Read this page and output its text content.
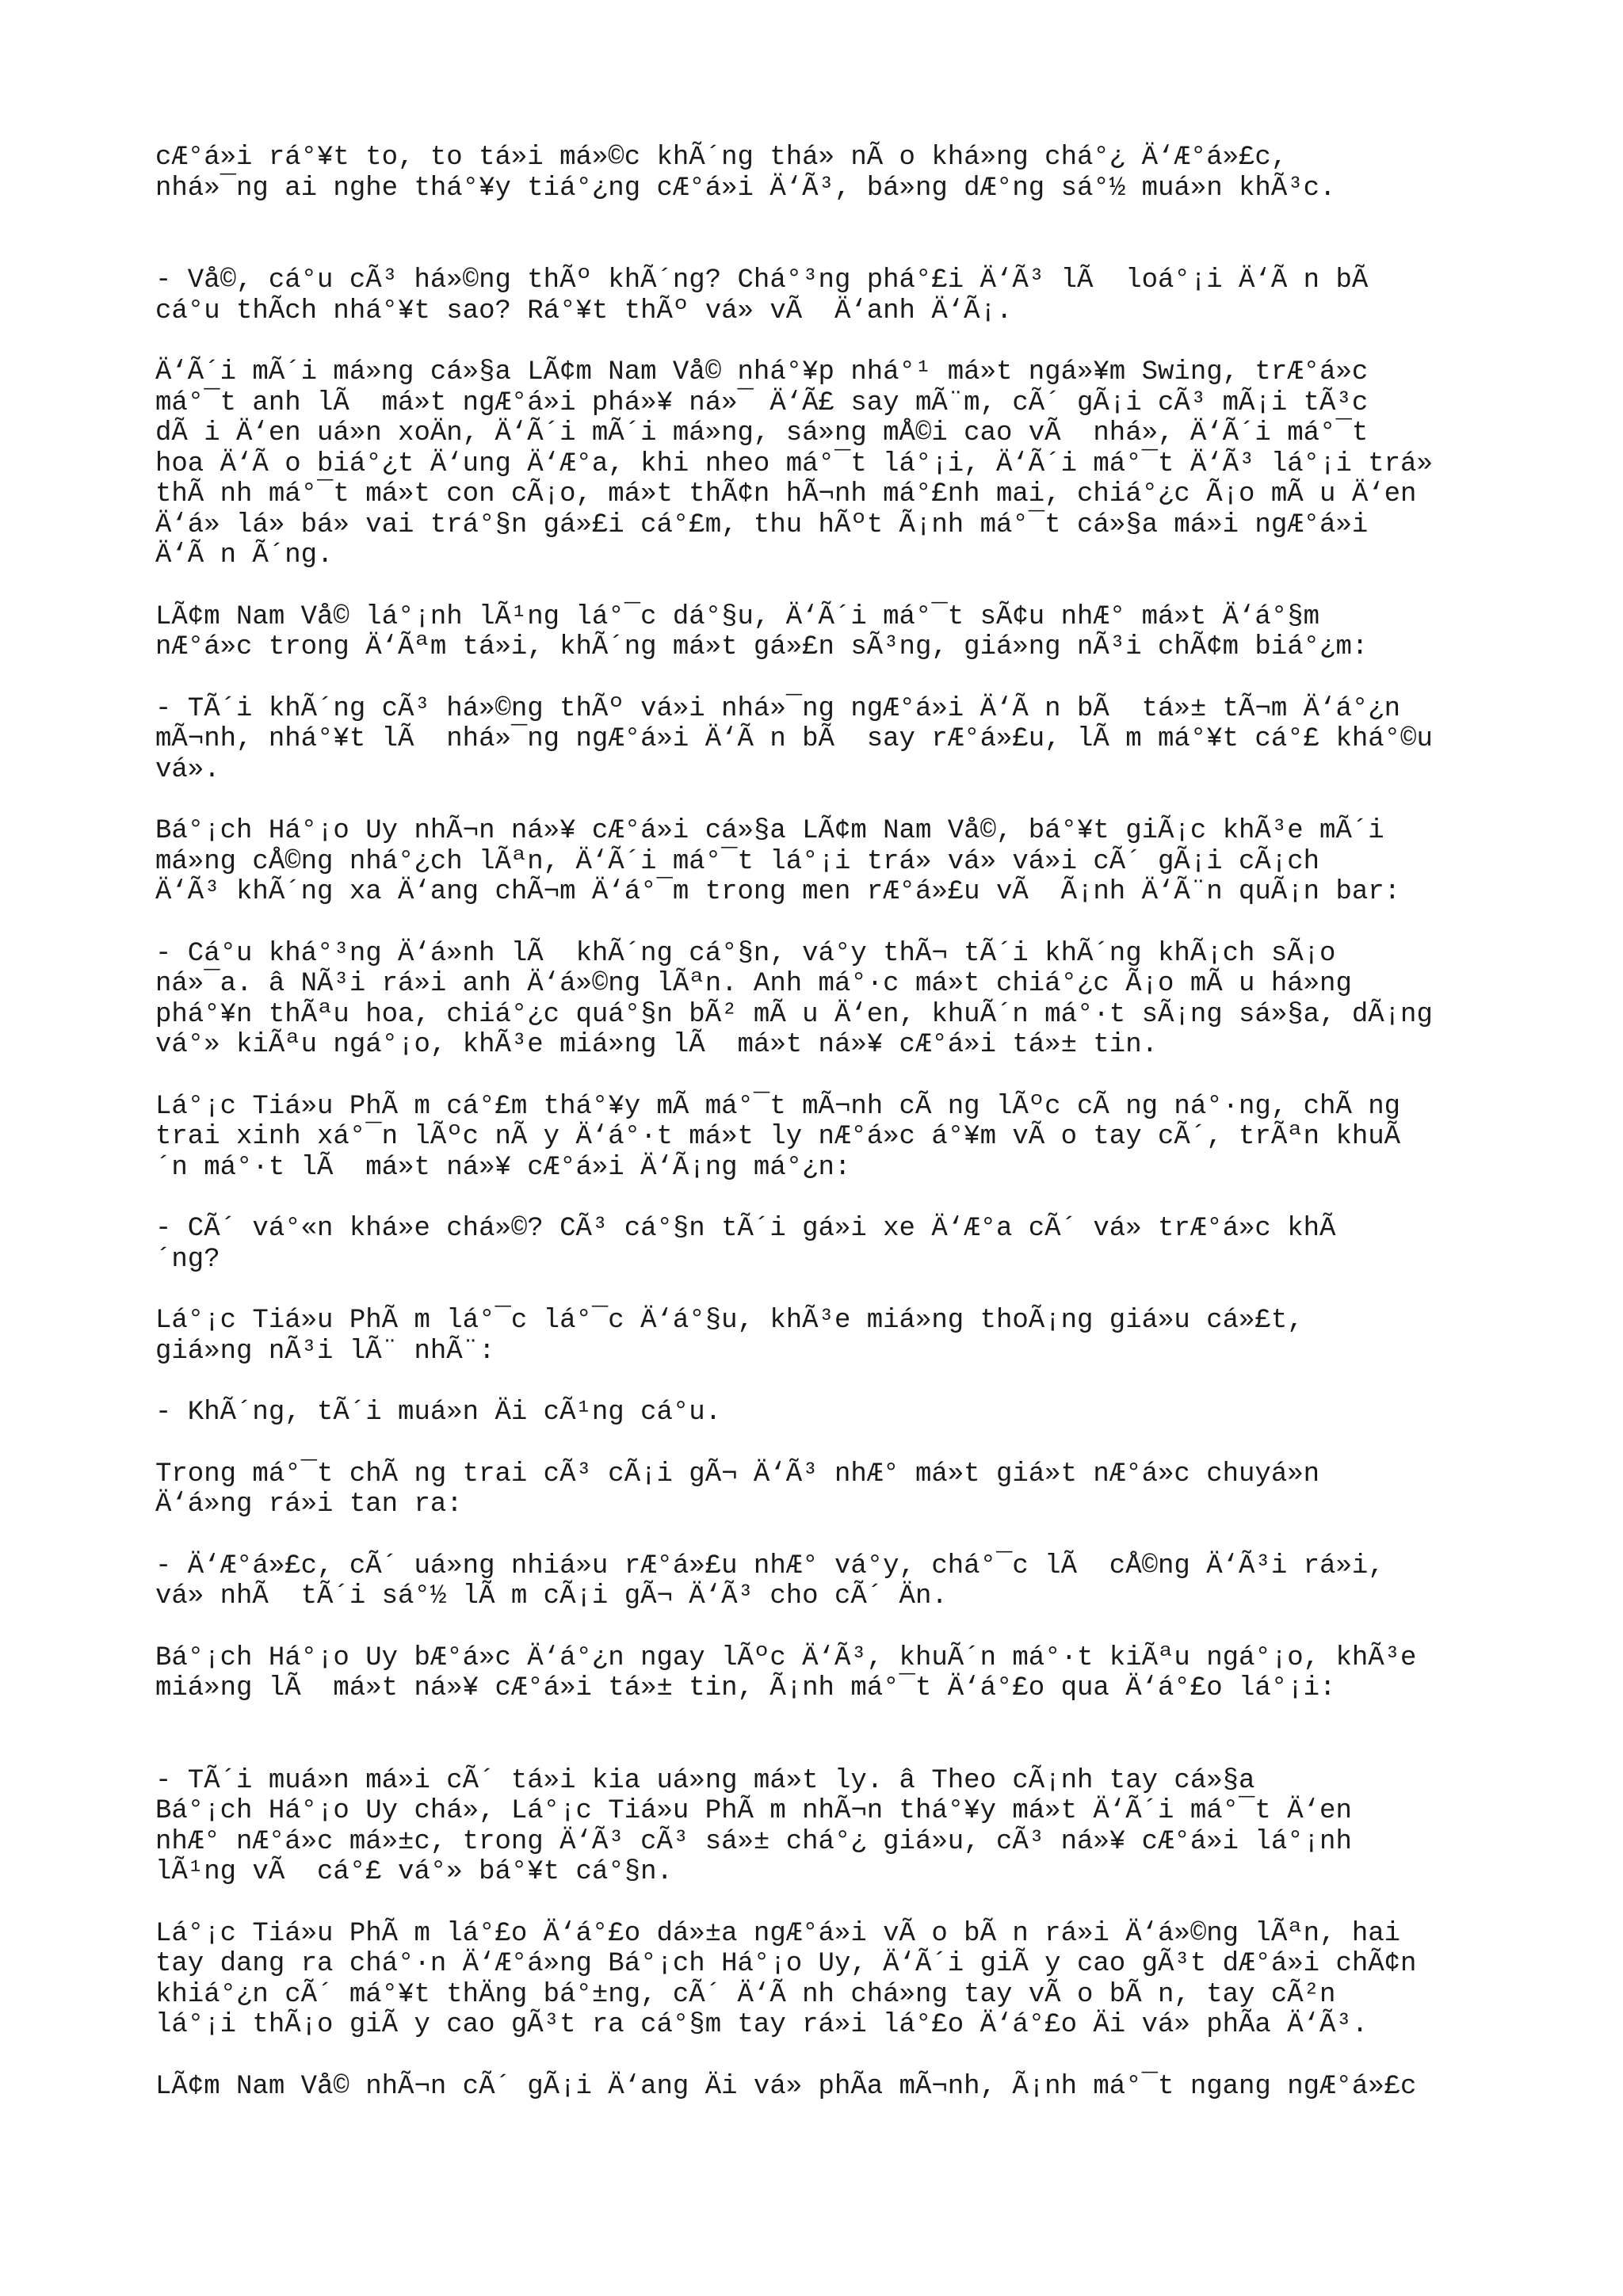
cÆ°á»i rá°¥t to, to tá»i má»©c khÃ´ng thá» nÃ o khá»ng chá°¿ Ä‘Æ°á»£c,
nhá»¯ng ai nghe thá°¥y tiá°¿ng cÆ°á»i Ä‘Ã³, bá»ng dÆ°ng sá°½ muá»n khÃ³c.

- Vå©, cá°u cÃ³ há»©ng thÃº khÃ´ng? Chá°³ng phá°£i Ä‘Ã³ lÃ  loá°¡i Ä‘Ã n bÃ
cá°u thÃch nhá°¥t sao? Rá°¥t thÃº vá» vÃ  Ä‘anh Ä‘Ã¡.

Ä‘Ã´i mÃ´i má»ng cá»§a LÃ¢m Nam Vå© nhá°¥p nhá°¹ má»t ngá»¥m Swing, trÆ°á»c
má°¯t anh lÃ  má»t ngÆ°á»i phá»¥ ná»¯ Ä‘Ã£ say mÃ¨m, cÃ´ gÃ¡i cÃ³ mÃ¡i tÃ³c
dÃ i Ä‘en uá»n xoÄn, Ä‘Ã´i mÃ´i má»ng, sá»ng mÅ©i cao vÃ  nhá», Ä‘Ã´i má°¯t
hoa Ä‘Ã o biá°¿t Ä‘ung Ä‘Æ°a, khi nheo má°¯t lá°¡i, Ä‘Ã´i má°¯t Ä‘Ã³ lá°¡i trá»
thÃ nh má°¯t má»t con cÃ¡o, má»t thÃ¢n hÃ¬nh má°£nh mai, chiá°¿c Ã¡o mÃ u Ä‘en
Ä‘á» lá» bá» vai trá°§n gá»£i cá°£m, thu hÃºt Ã¡nh má°¯t cá»§a má»i ngÆ°á»i
Ä‘Ã n Ã´ng.

LÃ¢m Nam Vå© lá°¡nh lÃ¹ng lá°¯c dá°§u, Ä‘Ã´i má°¯t sÃ¢u nhÆ° má»t Ä‘á°§m
nÆ°á»c trong Ä‘Ãªm tá»i, khÃ´ng má»t gá»£n sÃ³ng, giá»ng nÃ³i chÃ¢m biá°¿m:

- TÃ´i khÃ´ng cÃ³ há»©ng thÃº vá»i nhá»¯ng ngÆ°á»i Ä‘Ã n bÃ  tá»± tÃ¬m Ä‘á°¿n
mÃ¬nh, nhá°¥t lÃ  nhá»¯ng ngÆ°á»i Ä‘Ã n bÃ  say rÆ°á»£u, lÃ m má°¥t cá°£ khá°©u
vá».

Bá°¡ch Há°¡o Uy nhÃ¬n ná»¥ cÆ°á»i cá»§a LÃ¢m Nam Vå©, bá°¥t giÃ¡c khÃ³e mÃ´i
má»ng cÅ©ng nhá°¿ch lÃªn, Ä‘Ã´i má°¯t lá°¡i trá» vá» vá»i cÃ´ gÃ¡i cÃ¡ch
Ä‘Ã³ khÃ´ng xa Ä‘ang chÃ¬m Ä‘á°¯m trong men rÆ°á»£u vÃ  Ã¡nh Ä‘Ã¨n quÃ¡n bar:

- Cá°u khá°³ng Ä‘á»nh lÃ  khÃ´ng cá°§n, vá°y thÃ¬ tÃ´i khÃ´ng khÃ¡ch sÃ¡o
ná»¯a. â NÃ³i rá»i anh Ä‘á»©ng lÃªn. Anh má°·c má»t chiá°¿c Ã¡o mÃ u há»ng
phá°¥n thÃªu hoa, chiá°¿c quá°§n bÃ² mÃ u Ä‘en, khuÃ´n má°·t sÃ¡ng sá»§a, dÃ¡ng
vá°» kiÃªu ngá°¡o, khÃ³e miá»ng lÃ  má»t ná»¥ cÆ°á»i tá»± tin.

Lá°¡c Tiá»u PhÃ m cá°£m thá°¥y mÃ má°¯t mÃ¬nh cÃ ng lÃºc cÃ ng ná°·ng, chÃ ng
trai xinh xá°¯n lÃºc nÃ y Ä‘á°·t má»t ly nÆ°á»c á°¥m vÃ o tay cÃ´, trÃªn khuÃ
´n má°·t lÃ  má»t ná»¥ cÆ°á»i Ä‘Ã¡ng má°¿n:

- CÃ´ vá°«n khá»e chá»©? CÃ³ cá°§n tÃ´i gá»i xe Ä‘Æ°a cÃ´ vá» trÆ°á»c khÃ
´ng?

Lá°¡c Tiá»u PhÃ m lá°¯c lá°¯c Ä‘á°§u, khÃ³e miá»ng thoÃ¡ng giá»u cá»£t,
giá»ng nÃ³i lÃ¨ nhÃ¨:

- KhÃ´ng, tÃ´i muá»n Äi cÃ¹ng cá°u.

Trong má°¯t chÃ ng trai cÃ³ cÃ¡i gÃ¬ Ä‘Ã³ nhÆ° má»t giá»t nÆ°á»c chuyá»n
Ä‘á»ng rá»i tan ra:

- Ä‘Æ°á»£c, cÃ´ uá»ng nhiá»u rÆ°á»£u nhÆ° vá°y, chá°¯c lÃ  cÅ©ng Ä‘Ã³i rá»i,
vá» nhÃ  tÃ´i sá°½ lÃ m cÃ¡i gÃ¬ Ä‘Ã³ cho cÃ´ Än.

Bá°¡ch Há°¡o Uy bÆ°á»c Ä‘á°¿n ngay lÃºc Ä‘Ã³, khuÃ´n má°·t kiÃªu ngá°¡o, khÃ³e
miá»ng lÃ  má»t ná»¥ cÆ°á»i tá»± tin, Ã¡nh má°¯t Ä‘á°£o qua Ä‘á°£o lá°¡i:

- TÃ´i muá»n má»i cÃ´ tá»i kia uá»ng má»t ly. â Theo cÃ¡nh tay cá»§a
Bá°¡ch Há°¡o Uy chá», Lá°¡c Tiá»u PhÃ m nhÃ¬n thá°¥y má»t Ä‘Ã´i má°¯t Ä‘en
nhÆ° nÆ°á»c má»±c, trong Ä‘Ã³ cÃ³ sá»± chá°¿ giá»u, cÃ³ ná»¥ cÆ°á»i lá°¡nh
lÃ¹ng vÃ  cá°£ vá°» bá°¥t cá°§n.

Lá°¡c Tiá»u PhÃ m lá°£o Ä‘á°£o dá»±a ngÆ°á»i vÃ o bÃ n rá»i Ä‘á»©ng lÃªn, hai
tay dang ra chá°·n Ä‘Æ°á»ng Bá°¡ch Há°¡o Uy, Ä‘Ã´i giÃ y cao gÃ³t dÆ°á»i chÃ¢n
khiá°¿n cÃ´ má°¥t thÄng bá°±ng, cÃ´ Ä‘Ã nh chá»ng tay vÃ o bÃ n, tay cÃ²n
lá°¡i thÃ¡o giÃ y cao gÃ³t ra cá°§m tay rá»i lá°£o Ä‘á°£o Äi vá» phÃa Ä‘Ã³.

LÃ¢m Nam Vå© nhÃ¬n cÃ´ gÃ¡i Ä‘ang Äi vá» phÃa mÃ¬nh, Ã¡nh má°¯t ngang ngÆ°á»£c
